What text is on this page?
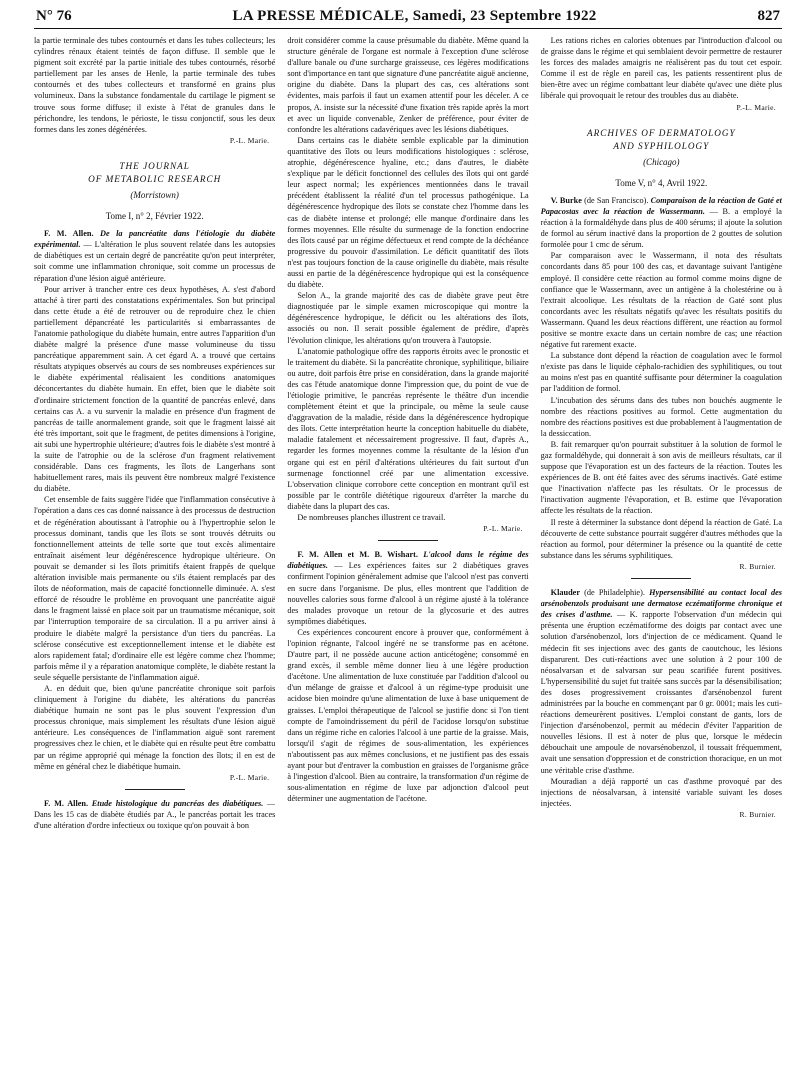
N° 76	LA PRESSE MÉDICALE, Samedi, 23 Septembre 1922	827

la partie terminale des tubes contournés et dans les tubes collecteurs; les cylindres rénaux étaient teintés de façon diffuse. Il semble que le pigment soit excrété par la partie initiale des tubes contournés, résorbé partiellement par les anses de Henle, la partie terminale des tubes contournés et des tubes collecteurs et transformé en grains plus volumineux. Dans la substance fondamentale du cartilage le pigment se trouve sous forme diffuse; il existe à l'état de granules dans le périchondre, les tendons, le périoste, le tissu conjonctif, sous les deux formes dans les zones dégénérées.

P.-L. Marie.
THE JOURNAL
OF METABOLIC RESEARCH
(Morristown)
Tome I, n° 2, Février 1922.

F. M. Allen. De la pancréatite dans l'étiologie du diabète expérimental. — L'altération le plus souvent relatée dans les autopsies de diabétiques est un certain degré de pancréatite qu'on peut interpréter, soit comme une inflammation chronique, soit comme un processus de réparation d'une lésion aiguë antérieure.

Pour arriver à trancher entre ces deux hypothèses, A. s'est d'abord attaché à tirer parti des constatations expérimentales. Son but principal dans cette étude a été de retrouver ou de reproduire chez le chien partiellement dépancréaté les particularités si embarrassantes de l'anatomie pathologique du diabète humain, entre autres l'apparition d'un diabète malgré la présence d'une masse volumineuse du tissu pancréatique apparemment sain. A cet égard A. a trouvé que certains résultats atypiques observés au cours de ses nombreuses expériences sur le diabète expérimental réalisaient les conditions anatomiques déconcertantes du diabète humain. En effet, bien que le diabète soit d'ordinaire strictement fonction de la quantité de pancréas enlevé, dans certains cas A. a vu survenir la maladie en présence d'un fragment de pancréas de taille anormalement grande, soit que le fragment laissé ait été très important, soit que le fragment, de petites dimensions à l'origine, ait subi une hypertrophie ultérieure; d'autres fois le diabète s'est montré à la suite de l'atrophie ou de la sclérose d'un fragment relativement considérable. Dans ces fragments, les îlots de Langerhans sont habituellement rares, mais ils peuvent être nombreux malgré l'existence du diabète.

Cet ensemble de faits suggère l'idée que l'inflammation consécutive à l'opération a dans ces cas donné naissance à des processus de destruction et de régénération aboutissant à l'atrophie ou à l'hypertrophie selon le processus dominant, tandis que les îlots se sont trouvés détruits ou fonctionnellement atteints de telle sorte que tout excès alimentaire entraînait aisément leur dégénérescence hydropique ultérieure. On pouvait se demander si les îlots primitifs étaient frappés de quelque altération invisible mais permanente ou s'ils étaient remplacés par des îlots de néoformation, mais de capacité fonctionnelle diminuée. A. s'est efforcé de résoudre le problème en provoquant une pancréatite aiguë dans le fragment laissé en place soit par un traumatisme mécanique, soit par l'interruption temporaire de sa circulation. Il a pu arriver ainsi à produire le diabète malgré la persistance d'un tiers du pancréas. La sclérose consécutive est exceptionnellement intense et le diabète est alors rapidement fatal; d'ordinaire elle est légère comme chez l'homme; parfois même il y a réparation anatomique complète, le diabète restant la seule séquelle persistante de l'inflammation aiguë.

A. en déduit que, bien qu'une pancréatite chronique soit parfois cliniquement à l'origine du diabète, les altérations du pancréas diabétique humain ne sont pas le plus souvent l'expression d'un processus chronique, mais simplement les résultats d'une lésion aiguë antérieure. Les conséquences de l'inflammation aiguë sont rarement progressives chez le chien, et le diabète qui en résulte peut être combattu par un régime approprié qui ménage la fonction des îlots; il en est de même en général chez le diabétique humain.

P.-L. Marie.

F. M. Allen. Etude histologique du pancréas des diabétiques. — Dans les 15 cas de diabète étudiés par A., le pancréas portait les traces d'une altération d'ordre infectieux ou toxique qu'on pouvait à bon

droit considérer comme la cause présumable du diabète. Même quand la structure générale de l'organe est normale à l'exception d'une sclérose d'allure banale ou d'une surcharge graisseuse, ces légères modifications sont d'importance en tant que signature d'une pancréatite aiguë ancienne, origine du diabète. Dans la plupart des cas, ces altérations sont évidentes, mais parfois il faut un examen attentif pour les déceler. A ce propos, A. insiste sur la nécessité d'une fixation très rapide après la mort et avec un liquide convenable, Zenker de préférence, pour éviter de confondre les altérations cadavériques avec les lésions diabétiques.

Dans certains cas le diabète semble explicable par la diminution quantitative des îlots ou leurs modifications histologiques : sclérose, atrophie, dégénérescence hyaline, etc.; dans d'autres, le diabète s'explique par le déficit fonctionnel des cellules des îlots qui ont gardé leur aspect normal; les expériences mentionnées dans le travail précédent établissent la réalité d'un tel processus pathogénique. La dégénérescence hydropique des îlots se constate chez l'homme dans les cas de diabète intense et prolongé; elle manque d'ordinaire dans les formes moyennes. Elle résulte du surmenage de la fonction endocrine des îlots causé par un régime défectueux et rend compte de la déchéance progressive du pouvoir d'assimilation. Le déficit quantitatif des îlots n'est pas toujours fonction de la cause originelle du diabète, mais résulte aussi en partie de la dégénérescence hydropique qui est la conséquence du diabète.

Selon A., la grande majorité des cas de diabète grave peut être diagnostiquée par le simple examen microscopique qui montre la dégénérescence hydropique, le déficit ou les altérations des îlots, associés ou non. Il serait possible également de prédire, d'après l'évolution clinique, les altérations qu'on trouvera à l'autopsie.

L'anatomie pathologique offre des rapports étroits avec le pronostic et le traitement du diabète. Si la pancréatite chronique, syphilitique, biliaire ou autre, doit parfois être prise en considération, dans la grande majorité des cas l'étude anatomique donne l'impression que, du point de vue de l'étiologie primitive, le pancréas représente le théâtre d'un incendie complètement éteint et que la principale, ou même la seule cause d'aggravation de la maladie, réside dans la dégénérescence hydropique des îlots. Cette interprétation heurte la conception habituelle du diabète, maladie fatalement et nécessairement progressive. Il faut, d'après A., regarder les formes moyennes comme la résultante de la lésion d'un organe qui est en péril d'altérations ultérieures du fait surtout d'un surmenage fonctionnel créé par une alimentation excessive. L'observation clinique corrobore cette conception en montrant qu'il est possible par le contrôle diététique rigoureux d'arrêter la marche du diabète dans la plupart des cas.

De nombreuses planches illustrent ce travail.

P.-L. Marie.

F. M. Allen et M. B. Wishart. L'alcool dans le régime des diabétiques. — Les expériences faites sur 2 diabétiques graves confirment l'opinion généralement admise que l'alcool n'est pas converti en sucre dans l'organisme. De plus, elles montrent que l'addition de nouvelles calories sous forme d'alcool à un régime ajusté à la tolérance des malades provoque un retour de la glycosurie et des autres symptômes diabétiques.

Ces expériences concourent encore à prouver que, conformément à l'opinion régnante, l'alcool ingéré ne se transforme pas en acétone. D'autre part, il ne possède aucune action anticétogène; consommé en grand excès, il semble même donner lieu à une légère production d'acétone. Une alimentation de luxe constituée par l'addition d'alcool ou d'un mélange de graisse et d'alcool à un régime-type produisit une acidose bien moindre qu'une alimentation de luxe à base uniquement de graisses. L'emploi thérapeutique de l'alcool se justifie donc si l'on tient compte de l'amoindrissement du péril de l'acidose lorsqu'on substitue dans un régime riche en calories l'alcool à une partie de la graisse. Mais, lorsqu'il s'agit de régimes de sous-alimentation, les expériences n'aboutissent pas aux mêmes conclusions, et ne justifient pas des essais ayant pour but d'entraver la combustion en graisses de l'organisme grâce à l'ingestion d'alcool. Bien au contraire, la transformation d'un régime de sous-alimentation en régime de luxe par adjonction d'alcool peut déterminer une augmentation de l'acétone.

Les rations riches en calories obtenues par l'introduction d'alcool ou de graisse dans le régime et qui semblaient devoir permettre de restaurer les forces des malades amaigris ne réalisèrent pas du tout cet espoir. Comme il est de règle en pareil cas, les patients ressentirent plus de bien-être avec un régime combattant leur diabète qu'avec une diète plus libérale qui provoquait le retour des troubles dus au diabète.

P.-L. Marie.
ARCHIVES OF DERMATOLOGY
AND SYPHILOLOGY
(Chicago)
Tome V, n° 4, Avril 1922.

V. Burke (de San Francisco). Comparaison de la réaction de Gaté et Papacostas avec la réaction de Wassermann. — B. a employé la réaction à la formaldéhyde dans plus de 400 sérums; il ajoute la solution de formol au sérum inactivé dans la proportion de 2 gouttes de solution formolée pour 1 cmc de sérum.

Par comparaison avec le Wassermann, il nota des résultats concordants dans 85 pour 100 des cas, et davantage suivant l'antigène employé. Il considère cette réaction au formol comme moins digne de confiance que le Wassermann, avec un antigène à la cholestérine ou à l'extrait alcoolique. Les résultats de la réaction de Gaté sont plus concordants avec les résultats négatifs qu'avec les résultats positifs du Wassermann. Quand les deux réactions diffèrent, une réaction au formol positive se montre exacte dans un certain nombre de cas; une réaction négative fut rarement exacte.

La substance dont dépend la réaction de coagulation avec le formol n'existe pas dans le liquide céphalo-rachidien des syphilitiques, ou tout au moins n'est pas en quantité suffisante pour déterminer la coagulation par l'addition de formol.

L'incubation des sérums dans des tubes non bouchés augmente le nombre des réactions positives au formol. Cette augmentation du nombre des réactions positives est due probablement à l'augmentation de la dessiccation.

B. fait remarquer qu'on pourrait substituer à la solution de formol le gaz formaldéhyde, qui donnerait à son avis de meilleurs résultats, car il suppose que l'évaporation est un des facteurs de la réaction. Toutes les expériences de B. ont été faites avec des sérums inactivés. Gaté estime que l'inactivation n'affecte pas les résultats. Or le processus de l'inactivation augmente l'évaporation, et B. estime que l'évaporation affecte les résultats de la réaction.

Il reste à déterminer la substance dont dépend la réaction de Gaté. La découverte de cette substance pourrait suggérer d'autres méthodes que la réaction au formol, pour déterminer la présence ou la quantité de cette substance dans les sérums syphilitiques.

R. Burnier.

Klauder (de Philadelphie). Hypersensibilité au contact local des arsénobenzols produisant une dermatose eczématiforme chronique et des crises d'asthme. — K. rapporte l'observation d'un médecin qui présenta une éruption eczématiforme des doigts par contact avec une solution d'arsénobenzol, lors d'injection de ce médicament. Quand le médecin fit ses injections avec des gants de caoutchouc, les lésions disparurent. Des cuti-réactions avec une solution à 2 pour 100 de néosalvarsan et de salvarsan sur peau scarifiée furent positives. L'hypersensibilité du sujet fut traitée sans succès par la désensibilisation; des doses progressivement croissantes d'arsénobenzol furent administrées par la bouche en commençant par 0 gr. 0001; mais les cuti-réactions demeurèrent positives. L'emploi constant de gants, lors de l'injection d'arsénobenzol, permit au médecin d'éviter l'apparition de nouvelles lésions. Il est à noter de plus que, lorsque le médecin débouchait une ampoule de novarsénobenzol, il toussait fréquemment, avait une sensation d'oppression et de constriction thoracique, en un mot une véritable crise d'asthme.

Mouradian a déjà rapporté un cas d'asthme provoqué par des injections de néosalvarsan, à intensité variable suivant les doses injectées.

R. Burnier.
